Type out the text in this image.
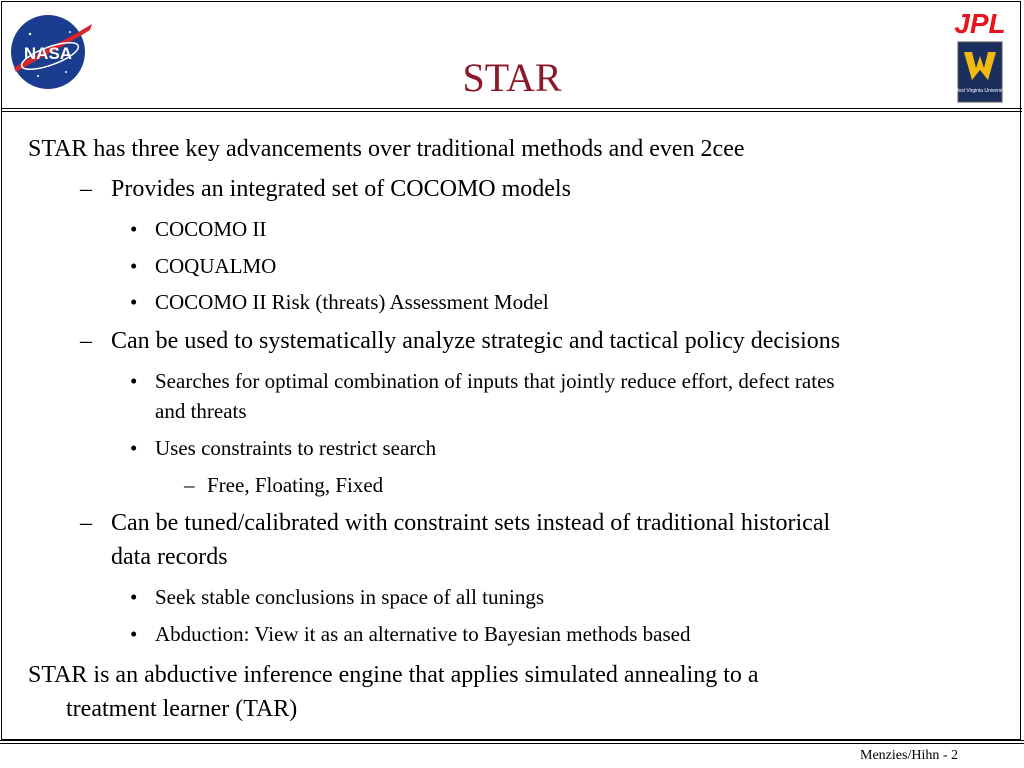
NASA
JPL
West Virginia University
STAR
STAR has three key advancements over traditional methods and even 2cee
– Provides an integrated set of COCOMO models
• COCOMO II
• COQUALMO
• COCOMO II Risk (threats) Assessment Model
– Can be used to systematically analyze strategic and tactical policy decisions
• Searches for optimal combination of inputs that jointly reduce effort, defect rates
and threats
• Uses constraints to restrict search
– Free, Floating, Fixed
– Can be tuned/calibrated with constraint sets instead of traditional historical
data records
• Seek stable conclusions in space of all tunings
• Abduction: View it as an alternative to Bayesian methods based
STAR is an abductive inference engine that applies simulated annealing to a
treatment learner (TAR)
Menzies/Hihn - 2
